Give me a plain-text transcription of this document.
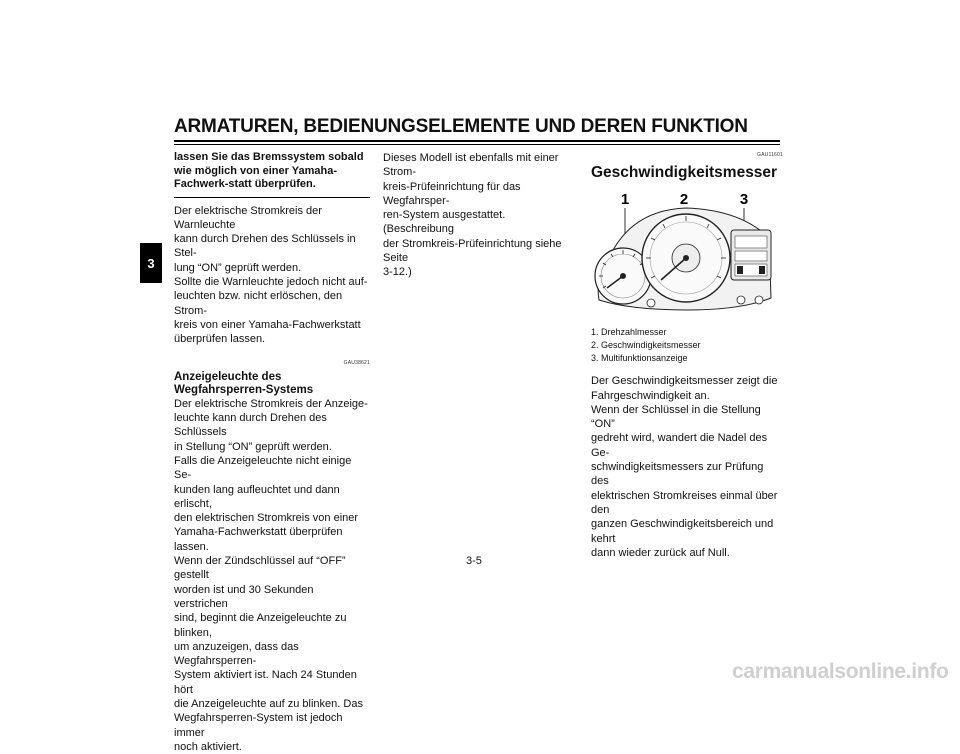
ARMATUREN, BEDIENUNGSELEMENTE UND DEREN FUNKTION
3
lassen Sie das Bremssystem sobald wie möglich von einer Yamaha-Fachwerk-statt überprüfen.

Der elektrische Stromkreis der Warnleuchte

kann durch Drehen des Schlüssels in Stel-

lung “ON” geprüft werden.

Sollte die Warnleuchte jedoch nicht auf-

leuchten bzw. nicht erlöschen, den Strom-

kreis von einer Yamaha-Fachwerkstatt

überprüfen lassen.

GAU38621
Anzeigeleuchte des Wegfahrsperren-Systems

Der elektrische Stromkreis der Anzeige-

leuchte kann durch Drehen des Schlüssels

in Stellung “ON” geprüft werden.

Falls die Anzeigeleuchte nicht einige Se-

kunden lang aufleuchtet und dann erlischt,

den elektrischen Stromkreis von einer

Yamaha-Fachwerkstatt überprüfen lassen.

Wenn der Zündschlüssel auf “OFF” gestellt

worden ist und 30 Sekunden verstrichen

sind, beginnt die Anzeigeleuchte zu blinken,

um anzuzeigen, dass das Wegfahrsperren-

System aktiviert ist. Nach 24 Stunden hört

die Anzeigeleuchte auf zu blinken. Das

Wegfahrsperren-System ist jedoch immer

noch aktiviert.

Dieses Modell ist ebenfalls mit einer Strom-

kreis-Prüfeinrichtung für das Wegfahrsper-

ren-System ausgestattet. (Beschreibung

der Stromkreis-Prüfeinrichtung siehe Seite

3-12.)

GAU11601
Geschwindigkeitsmesser
1	2	3

1. Drehzahlmesser

2. Geschwindigkeitsmesser

3. Multifunktionsanzeige

Der Geschwindigkeitsmesser zeigt die

Fahrgeschwindigkeit an.

Wenn der Schlüssel in die Stellung “ON”

gedreht wird, wandert die Nadel des Ge-

schwindigkeitsmessers zur Prüfung des

elektrischen Stromkreises einmal über den

ganzen Geschwindigkeitsbereich und kehrt

dann wieder zurück auf Null.

3-5
carmanualsonline.info
